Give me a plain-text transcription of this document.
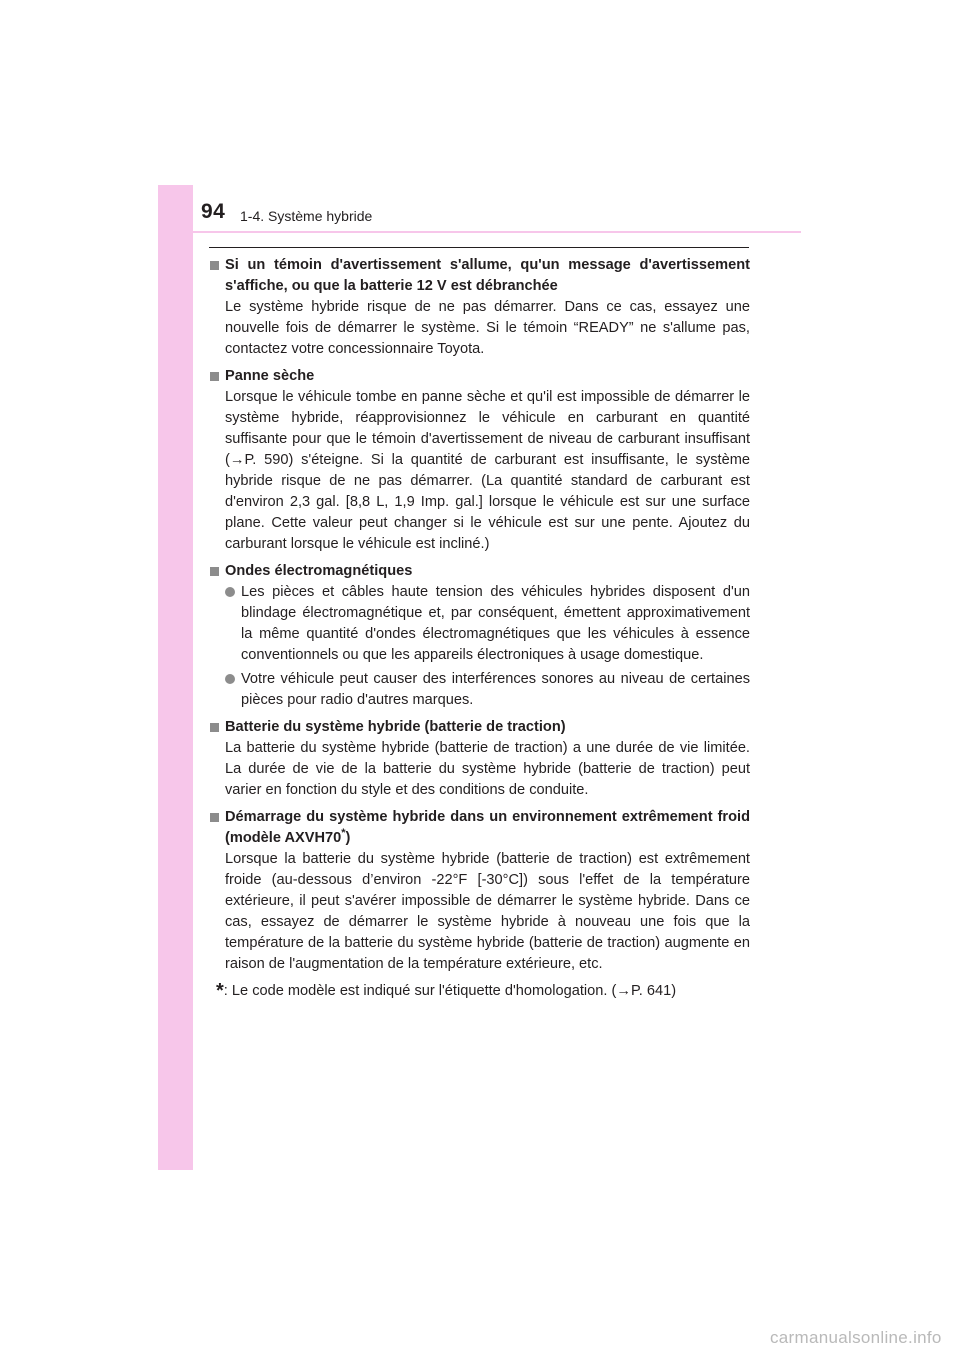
94 1-4. Système hybride
Si un témoin d'avertissement s'allume, qu'un message d'avertissement s'affiche, ou que la batterie 12 V est débranchée
Le système hybride risque de ne pas démarrer. Dans ce cas, essayez une nouvelle fois de démarrer le système. Si le témoin “READY” ne s'allume pas, contactez votre concessionnaire Toyota.
Panne sèche
Lorsque le véhicule tombe en panne sèche et qu'il est impossible de démarrer le système hybride, réapprovisionnez le véhicule en carburant en quantité suffisante pour que le témoin d'avertissement de niveau de carburant insuffisant (→P. 590) s'éteigne. Si la quantité de carburant est insuffisante, le système hybride risque de ne pas démarrer. (La quantité standard de carburant est d'environ 2,3 gal. [8,8 L, 1,9 Imp. gal.] lorsque le véhicule est sur une surface plane. Cette valeur peut changer si le véhicule est sur une pente. Ajoutez du carburant lorsque le véhicule est incliné.)
Ondes électromagnétiques
Les pièces et câbles haute tension des véhicules hybrides disposent d'un blindage électromagnétique et, par conséquent, émettent approximativement la même quantité d'ondes électromagnétiques que les véhicules à essence conventionnels ou que les appareils électroniques à usage domestique.
Votre véhicule peut causer des interférences sonores au niveau de certaines pièces pour radio d'autres marques.
Batterie du système hybride (batterie de traction)
La batterie du système hybride (batterie de traction) a une durée de vie limitée. La durée de vie de la batterie du système hybride (batterie de traction) peut varier en fonction du style et des conditions de conduite.
Démarrage du système hybride dans un environnement extrêmement froid (modèle AXVH70*)
Lorsque la batterie du système hybride (batterie de traction) est extrêmement froide (au-dessous d’environ -22°F [-30°C]) sous l'effet de la température extérieure, il peut s'avérer impossible de démarrer le système hybride. Dans ce cas, essayez de démarrer le système hybride à nouveau une fois que la température de la batterie du système hybride (batterie de traction) augmente en raison de l'augmentation de la température extérieure, etc.
*: Le code modèle est indiqué sur l'étiquette d'homologation. (→P. 641)
carmanualsonline.info
